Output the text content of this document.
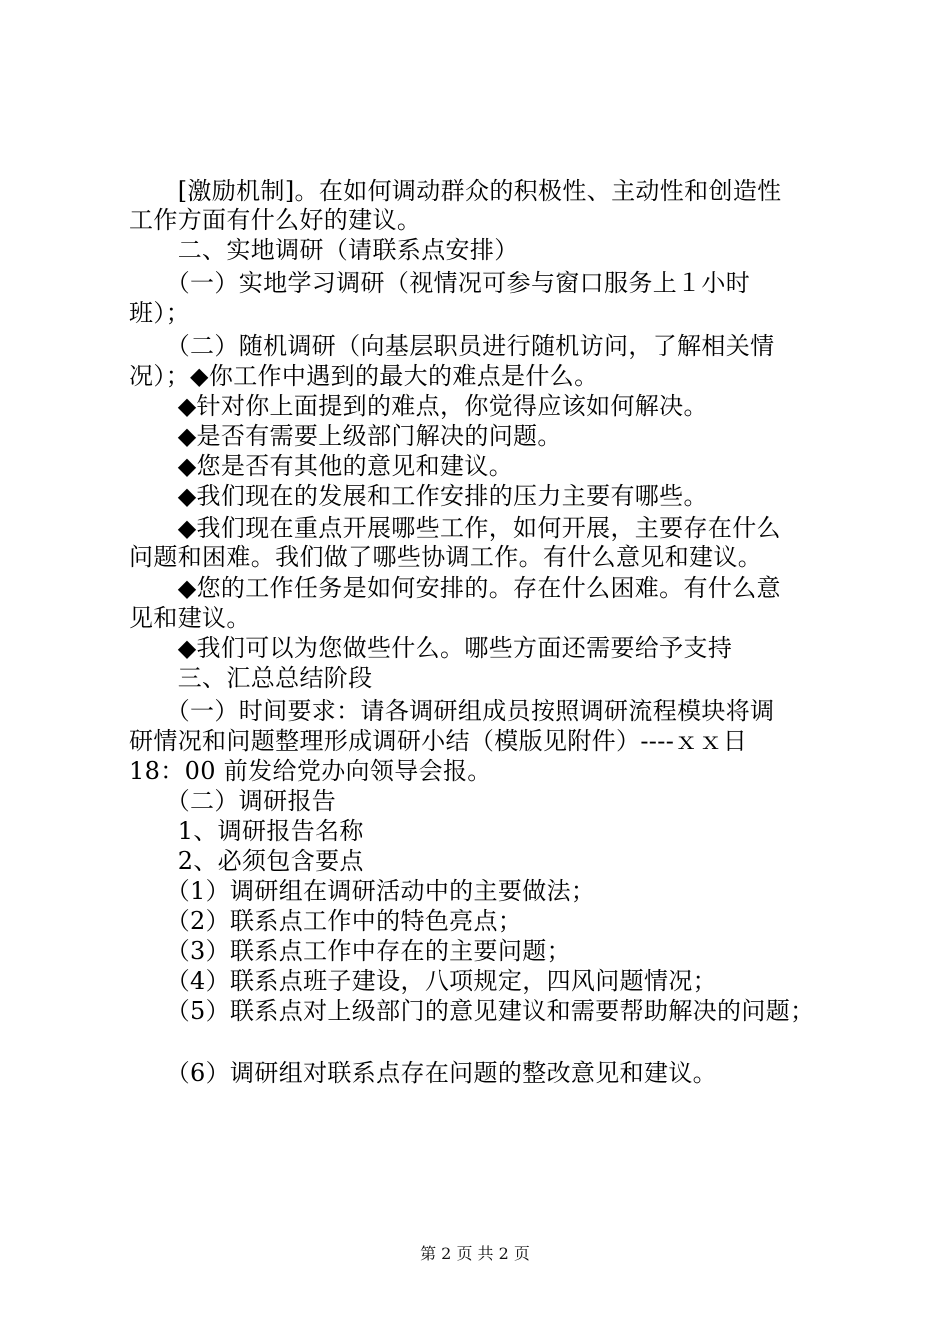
　　[激励机制]。在如何调动群众的积极性、主动性和创造性
工作方面有什么好的建议。
　　二、实地调研（请联系点安排）
　　（一）实地学习调研（视情况可参与窗口服务上１小时
班）；
　　（二）随机调研（向基层职员进行随机访问，了解相关情
况）；◆你工作中遇到的最大的难点是什么。
　　◆针对你上面提到的难点，你觉得应该如何解决。
　　◆是否有需要上级部门解决的问题。
　　◆您是否有其他的意见和建议。
　　◆我们现在的发展和工作安排的压力主要有哪些。
　　◆我们现在重点开展哪些工作，如何开展，主要存在什么
问题和困难。我们做了哪些协调工作。有什么意见和建议。
　　◆您的工作任务是如何安排的。存在什么困难。有什么意
见和建议。
　　◆我们可以为您做些什么。哪些方面还需要给予支持
　　三、汇总总结阶段
　　（一）时间要求：请各调研组成员按照调研流程模块将调
研情况和问题整理形成调研小结（模版见附件）----ｘｘ日
18：00 前发给党办向领导会报。
　　（二）调研报告
　　1、调研报告名称
　　2、必须包含要点
　　（1）调研组在调研活动中的主要做法；
　　（2）联系点工作中的特色亮点；
　　（3）联系点工作中存在的主要问题；
　　（4）联系点班子建设，八项规定，四风问题情况；
　　（5）联系点对上级部门的意见建议和需要帮助解决的问题；
　　（6）调研组对联系点存在问题的整改意见和建议。
第 2 页 共 2 页
